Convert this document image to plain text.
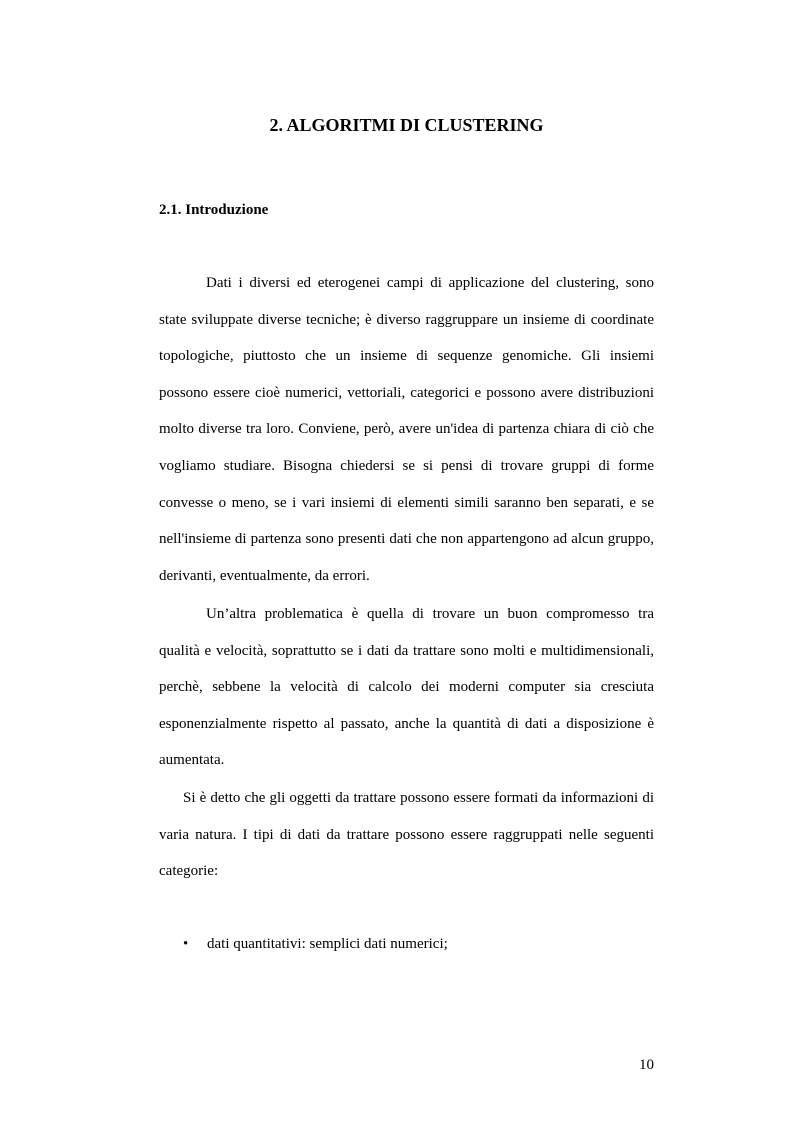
2. ALGORITMI DI CLUSTERING
2.1. Introduzione

Dati i diversi ed eterogenei campi di applicazione del clustering, sono state sviluppate diverse tecniche; è diverso raggruppare un insieme di coordinate topologiche, piuttosto che un insieme di sequenze genomiche. Gli insiemi possono essere cioè numerici, vettoriali, categorici e possono avere distribuzioni molto diverse tra loro. Conviene, però, avere un'idea di partenza chiara di ciò che vogliamo studiare. Bisogna chiedersi se si pensi di trovare gruppi di forme convesse o meno, se i vari insiemi di elementi simili saranno ben separati, e se nell'insieme di partenza sono presenti dati che non appartengono ad alcun gruppo, derivanti, eventualmente, da errori.

Un’altra problematica è quella di trovare un buon compromesso tra qualità e velocità, soprattutto se i dati da trattare sono molti e multidimensionali, perchè, sebbene la velocità di calcolo dei moderni computer sia cresciuta esponenzialmente rispetto al passato, anche la quantità di dati a disposizione è aumentata.

Si è detto che gli oggetti da trattare possono essere formati da informazioni di varia natura. I tipi di dati da trattare possono essere raggruppati nelle seguenti categorie:

• dati quantitativi: semplici dati numerici;
10
